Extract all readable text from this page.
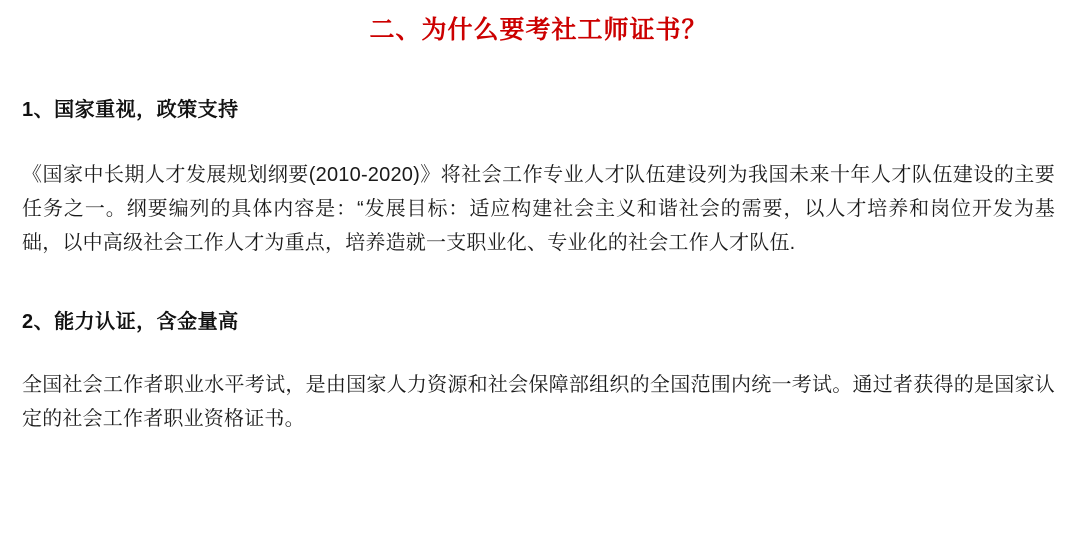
二、为什么要考社工师证书？
1、国家重视，政策支持

《国家中长期人才发展规划纲要(2010-2020)》将社会工作专业人才队伍建设列为我国未来十年人才队伍建设的主要任务之一。纲要编列的具体内容是：“发展目标：适应构建社会主义和谐社会的需要，以人才培养和岗位开发为基础，以中高级社会工作人才为重点，培养造就一支职业化、专业化的社会工作人才队伍.

2、能力认证，含金量高

全国社会工作者职业水平考试，是由国家人力资源和社会保障部组织的全国范围内统一考试。通过者获得的是国家认定的社会工作者职业资格证书。
